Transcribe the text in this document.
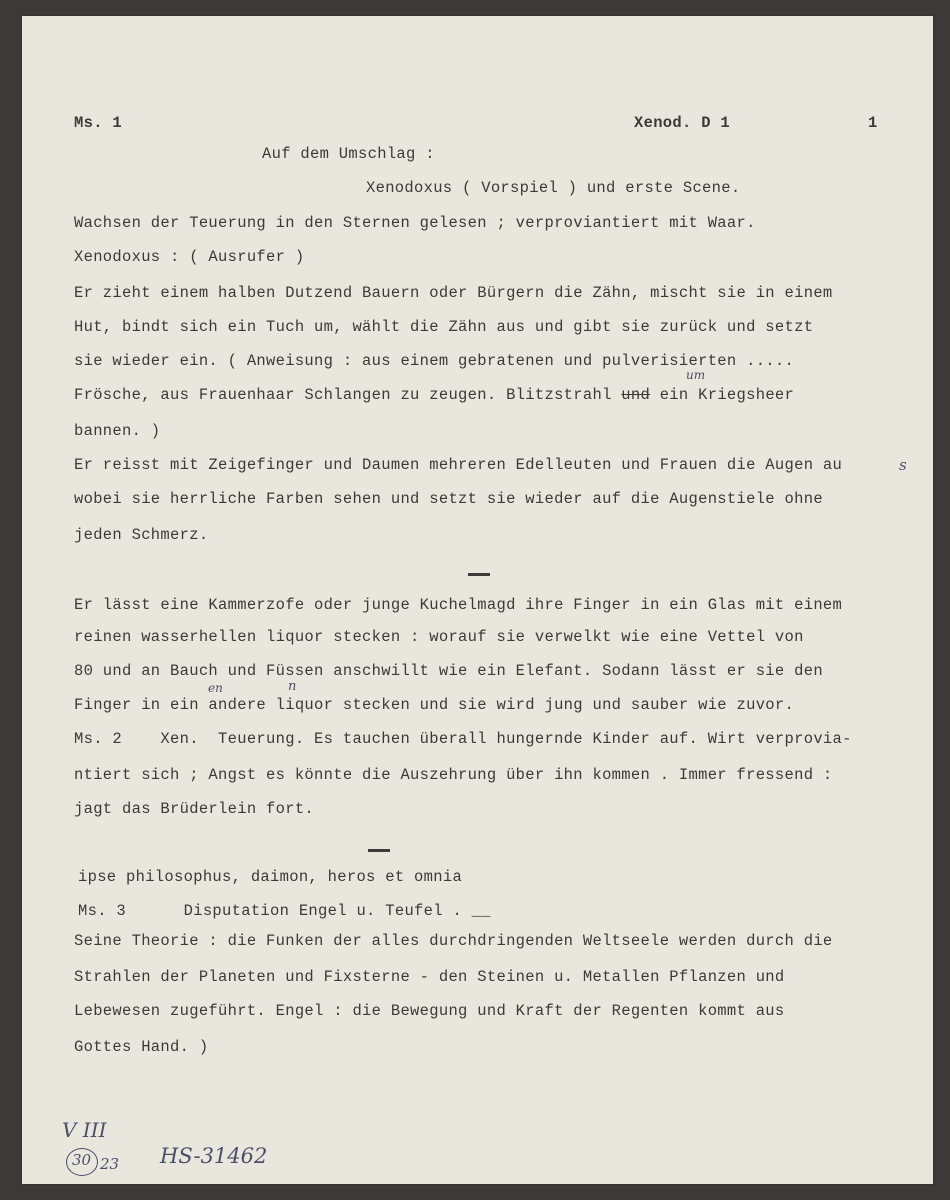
Ms. 1	Xenod. D 1	1
Auf dem Umschlag :
Xenodoxus ( Vorspiel ) und erste Scene.
Wachsen der Teuerung in den Sternen gelesen ; verproviantiert mit Waar.
Xenodoxus : ( Ausrufer )
Er zieht einem halben Dutzend Bauern oder Bürgern die Zähn, mischt sie in einem
Hut, bindt sich ein Tuch um, wählt die Zähn aus und gibt sie zurück und setzt
sie wieder ein. ( Anweisung : aus einem gebratenen und pulverisierten .....
Frösche, aus Frauenhaar Schlangen zu zeugen. Blitzstrahl und ein Kriegsheer
um
bannen. )
Er reisst mit Zeigefinger und Daumen mehreren Edelleuten und Frauen die Augen au	s
wobei sie herrliche Farben sehen und setzt sie wieder auf die Augenstiele ohne
jeden Schmerz.
Er lässt eine Kammerzofe oder junge Kuchelmagd ihre Finger in ein Glas mit einem
reinen wasserhellen liquor stecken : worauf sie verwelkt wie eine Vettel von
80 und an Bauch und Füssen anschwillt wie ein Elefant. Sodann lässt er sie den
Finger in ein andere liquor stecken und sie wird jung und sauber wie zuvor.
en	n
Ms. 2    Xen.  Teuerung. Es tauchen überall hungernde Kinder auf. Wirt verprovia-
ntiert sich ; Angst es könnte die Auszehrung über ihn kommen . Immer fressend :
jagt das Brüderlein fort.
ipse philosophus, daimon, heros et omnia
Ms. 3      Disputation Engel u. Teufel . __
Seine Theorie : die Funken der alles durchdringenden Weltseele werden durch die
Strahlen der Planeten und Fixsterne - den Steinen u. Metallen Pflanzen und
Lebewesen zugeführt. Engel : die Bewegung und Kraft der Regenten kommt aus
Gottes Hand. )
V III
30 23 HS-31462
